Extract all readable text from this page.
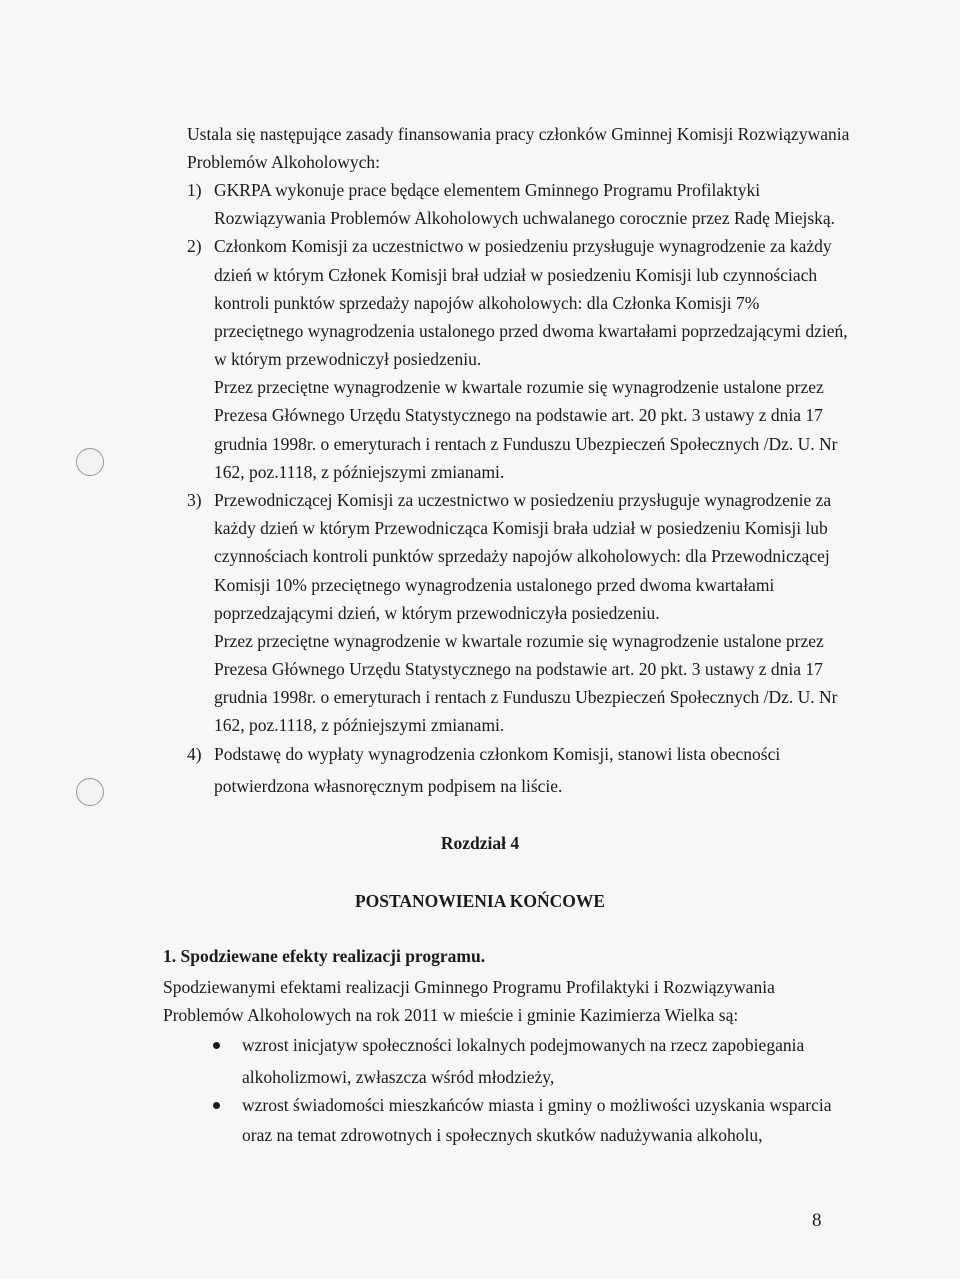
Ustala się następujące zasady finansowania pracy członków Gminnej Komisji Rozwiązywania
Problemów Alkoholowych:
1) GKRPA wykonuje prace będące elementem Gminnego Programu Profilaktyki
Rozwiązywania Problemów Alkoholowych uchwalanego corocznie przez Radę Miejską.
2) Członkom Komisji za uczestnictwo w posiedzeniu przysługuje wynagrodzenie za każdy
dzień w którym Członek Komisji brał udział w posiedzeniu Komisji lub czynnościach
kontroli punktów sprzedaży napojów alkoholowych: dla Członka Komisji 7%
przeciętnego wynagrodzenia ustalonego przed dwoma kwartałami poprzedzającymi dzień,
w którym przewodniczył posiedzeniu.
Przez przeciętne wynagrodzenie w kwartale rozumie się wynagrodzenie ustalone przez
Prezesa Głównego Urzędu Statystycznego na podstawie art. 20 pkt. 3 ustawy z dnia 17
grudnia 1998r. o emeryturach i rentach z Funduszu Ubezpieczeń Społecznych /Dz. U. Nr
162, poz.1118, z późniejszymi zmianami.
3) Przewodniczącej Komisji za uczestnictwo w posiedzeniu przysługuje wynagrodzenie za
każdy dzień w którym Przewodnicząca Komisji brała udział w posiedzeniu Komisji lub
czynnościach kontroli punktów sprzedaży napojów alkoholowych: dla Przewodniczącej
Komisji 10% przeciętnego wynagrodzenia ustalonego przed dwoma kwartałami
poprzedzającymi dzień, w którym przewodniczyła posiedzeniu.
Przez przeciętne wynagrodzenie w kwartale rozumie się wynagrodzenie ustalone przez
Prezesa Głównego Urzędu Statystycznego na podstawie art. 20 pkt. 3 ustawy z dnia 17
grudnia 1998r. o emeryturach i rentach z Funduszu Ubezpieczeń Społecznych /Dz. U. Nr
162, poz.1118, z późniejszymi zmianami.
4) Podstawę do wypłaty wynagrodzenia członkom Komisji, stanowi lista obecności
potwierdzona własnoręcznym podpisem na liście.
Rozdział 4
POSTANOWIENIA KOŃCOWE
1. Spodziewane efekty realizacji programu.
Spodziewanymi efektami realizacji Gminnego Programu Profilaktyki i Rozwiązywania
Problemów Alkoholowych na rok 2011 w mieście i gminie Kazimierza Wielka są:
wzrost inicjatyw społeczności lokalnych podejmowanych na rzecz zapobiegania
alkoholizmowi, zwłaszcza wśród młodzieży,
wzrost świadomości mieszkańców miasta i gminy o możliwości uzyskania wsparcia
oraz na temat zdrowotnych i społecznych skutków nadużywania alkoholu,
8
